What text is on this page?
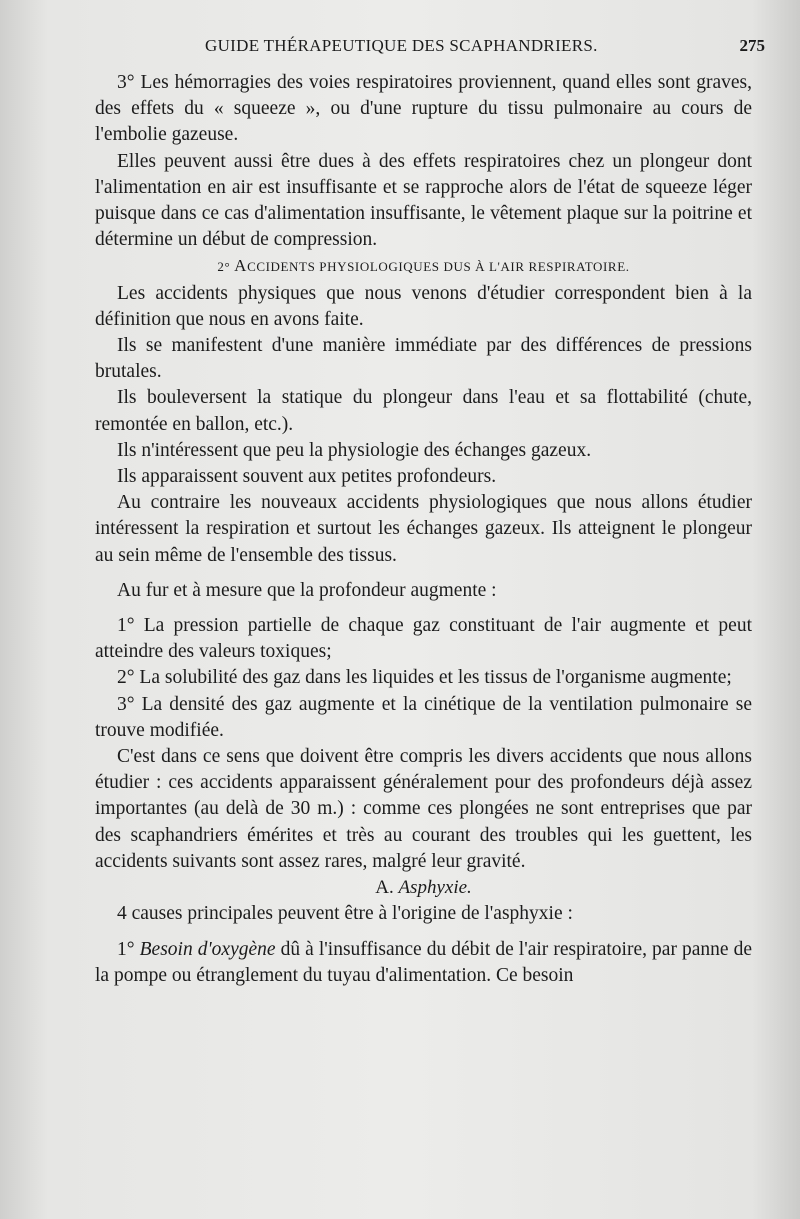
GUIDE THÉRAPEUTIQUE DES SCAPHANDRIERS.	275

3° Les hémorragies des voies respiratoires proviennent, quand elles sont graves, des effets du « squeeze », ou d'une rupture du tissu pulmonaire au cours de l'embolie gazeuse.

Elles peuvent aussi être dues à des effets respiratoires chez un plongeur dont l'alimentation en air est insuffisante et se rapproche alors de l'état de squeeze léger puisque dans ce cas d'alimentation insuffisante, le vêtement plaque sur la poitrine et détermine un début de compression.

2° ACCIDENTS PHYSIOLOGIQUES DUS À L'AIR RESPIRATOIRE.

Les accidents physiques que nous venons d'étudier correspondent bien à la définition que nous en avons faite.

Ils se manifestent d'une manière immédiate par des différences de pressions brutales.

Ils bouleversent la statique du plongeur dans l'eau et sa flottabilité (chute, remontée en ballon, etc.).

Ils n'intéressent que peu la physiologie des échanges gazeux.

Ils apparaissent souvent aux petites profondeurs.

Au contraire les nouveaux accidents physiologiques que nous allons étudier intéressent la respiration et surtout les échanges gazeux. Ils atteignent le plongeur au sein même de l'ensemble des tissus.

Au fur et à mesure que la profondeur augmente :

1° La pression partielle de chaque gaz constituant de l'air augmente et peut atteindre des valeurs toxiques;

2° La solubilité des gaz dans les liquides et les tissus de l'organisme augmente;

3° La densité des gaz augmente et la cinétique de la ventilation pulmonaire se trouve modifiée.

C'est dans ce sens que doivent être compris les divers accidents que nous allons étudier : ces accidents apparaissent généralement pour des profondeurs déjà assez importantes (au delà de 30 m.) : comme ces plongées ne sont entreprises que par des scaphandriers émérites et très au courant des troubles qui les guettent, les accidents suivants sont assez rares, malgré leur gravité.

A. Asphyxie.

4 causes principales peuvent être à l'origine de l'asphyxie :

1° Besoin d'oxygène dû à l'insuffisance du débit de l'air respiratoire, par panne de la pompe ou étranglement du tuyau d'alimentation. Ce besoin
